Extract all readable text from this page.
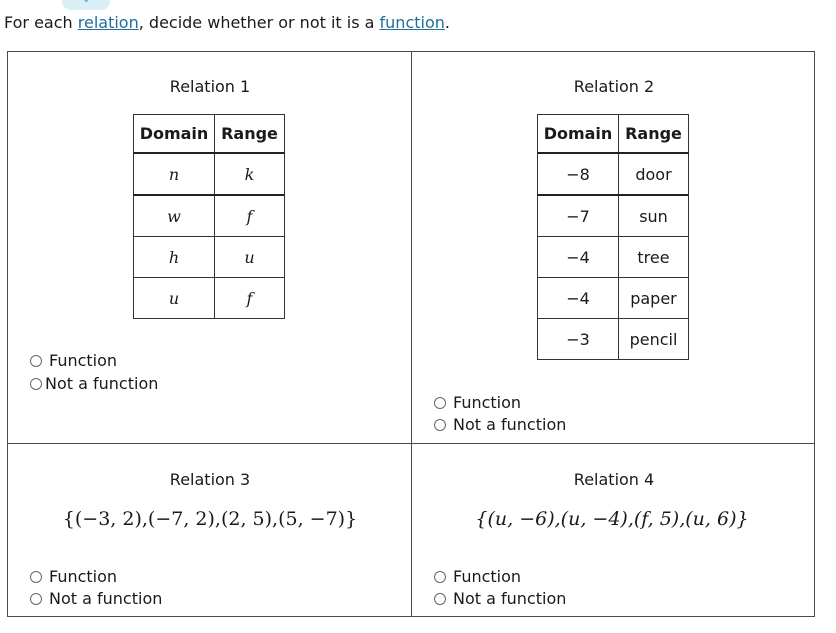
For each relation, decide whether or not it is a function.
Relation 1
Domain	Range
n	k
w	f
h	u
u	f
Function
Not a function
Relation 2
Domain	Range
−8	door
−7	sun
−4	tree
−4	paper
−3	pencil
Function
Not a function
Relation 3
{(−3, 2),(−7, 2),(2, 5),(5, −7)}
Function
Not a function
Relation 4
{(u, −6),(u, −4),(f, 5),(u, 6)}
Function
Not a function
